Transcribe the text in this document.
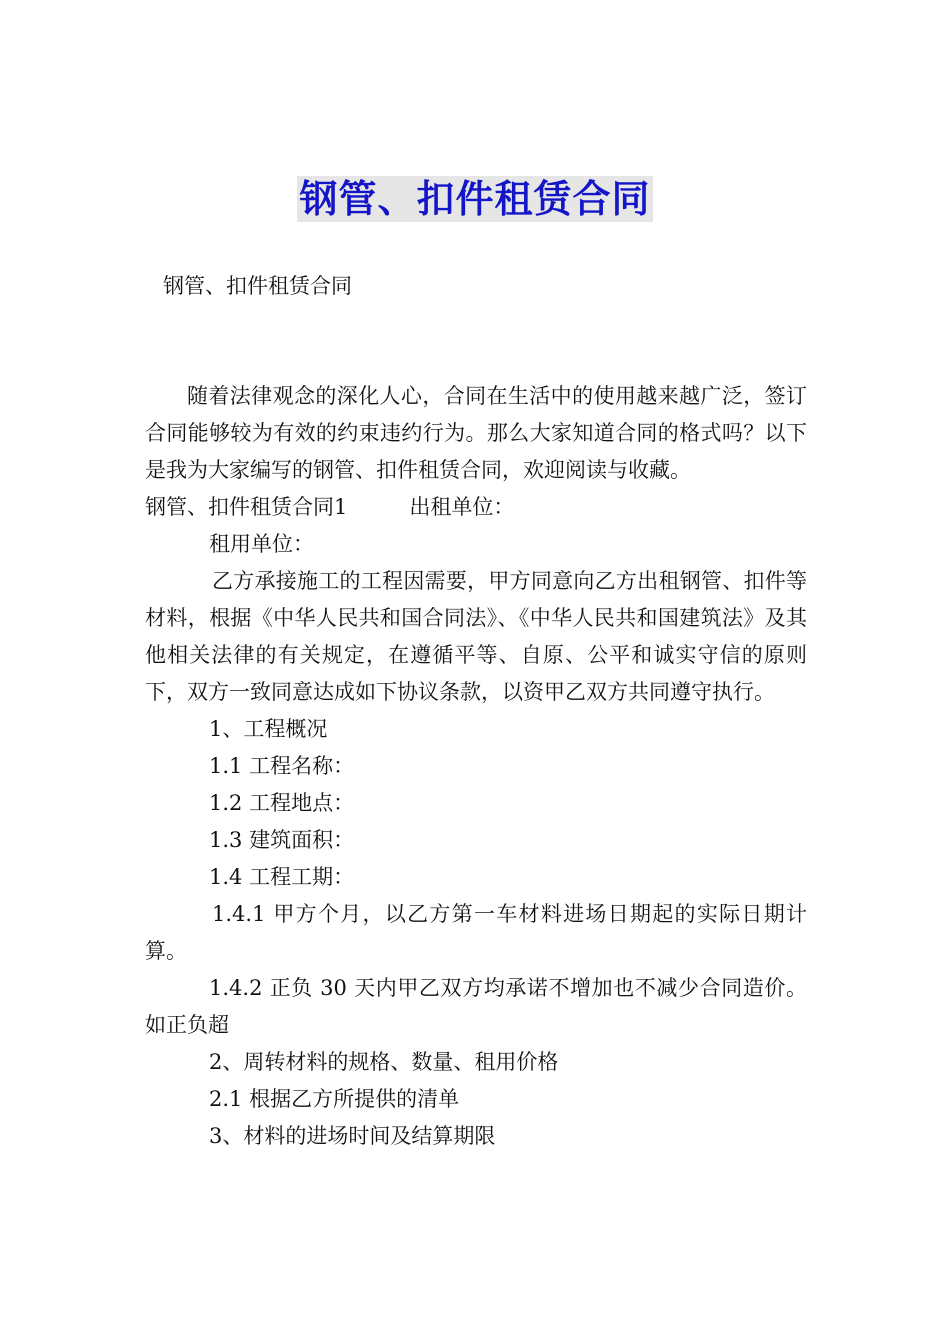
钢管、扣件租赁合同
钢管、扣件租赁合同

随着法律观念的深化人心，合同在生活中的使用越来越广泛，签订合同能够较为有效的约束违约行为。那么大家知道合同的格式吗？以下是我为大家编写的钢管、扣件租赁合同，欢迎阅读与收藏。
钢管、扣件租赁合同1	出租单位：

租用单位：

乙方承接施工的工程因需要，甲方同意向乙方出租钢管、扣件等材料，根据《中华人民共和国合同法》、《中华人民共和国建筑法》及其他相关法律的有关规定，在遵循平等、自原、公平和诚实守信的原则下，双方一致同意达成如下协议条款，以资甲乙双方共同遵守执行。

1、工程概况

1.1 工程名称：

1.2 工程地点：

1.3 建筑面积：

1.4 工程工期：

1.4.1 甲方个月，以乙方第一车材料进场日期起的实际日期计算。

1.4.2 正负 30 天内甲乙双方均承诺不增加也不减少合同造价。如正负超

2、周转材料的规格、数量、租用价格

2.1 根据乙方所提供的清单

3、材料的进场时间及结算期限
